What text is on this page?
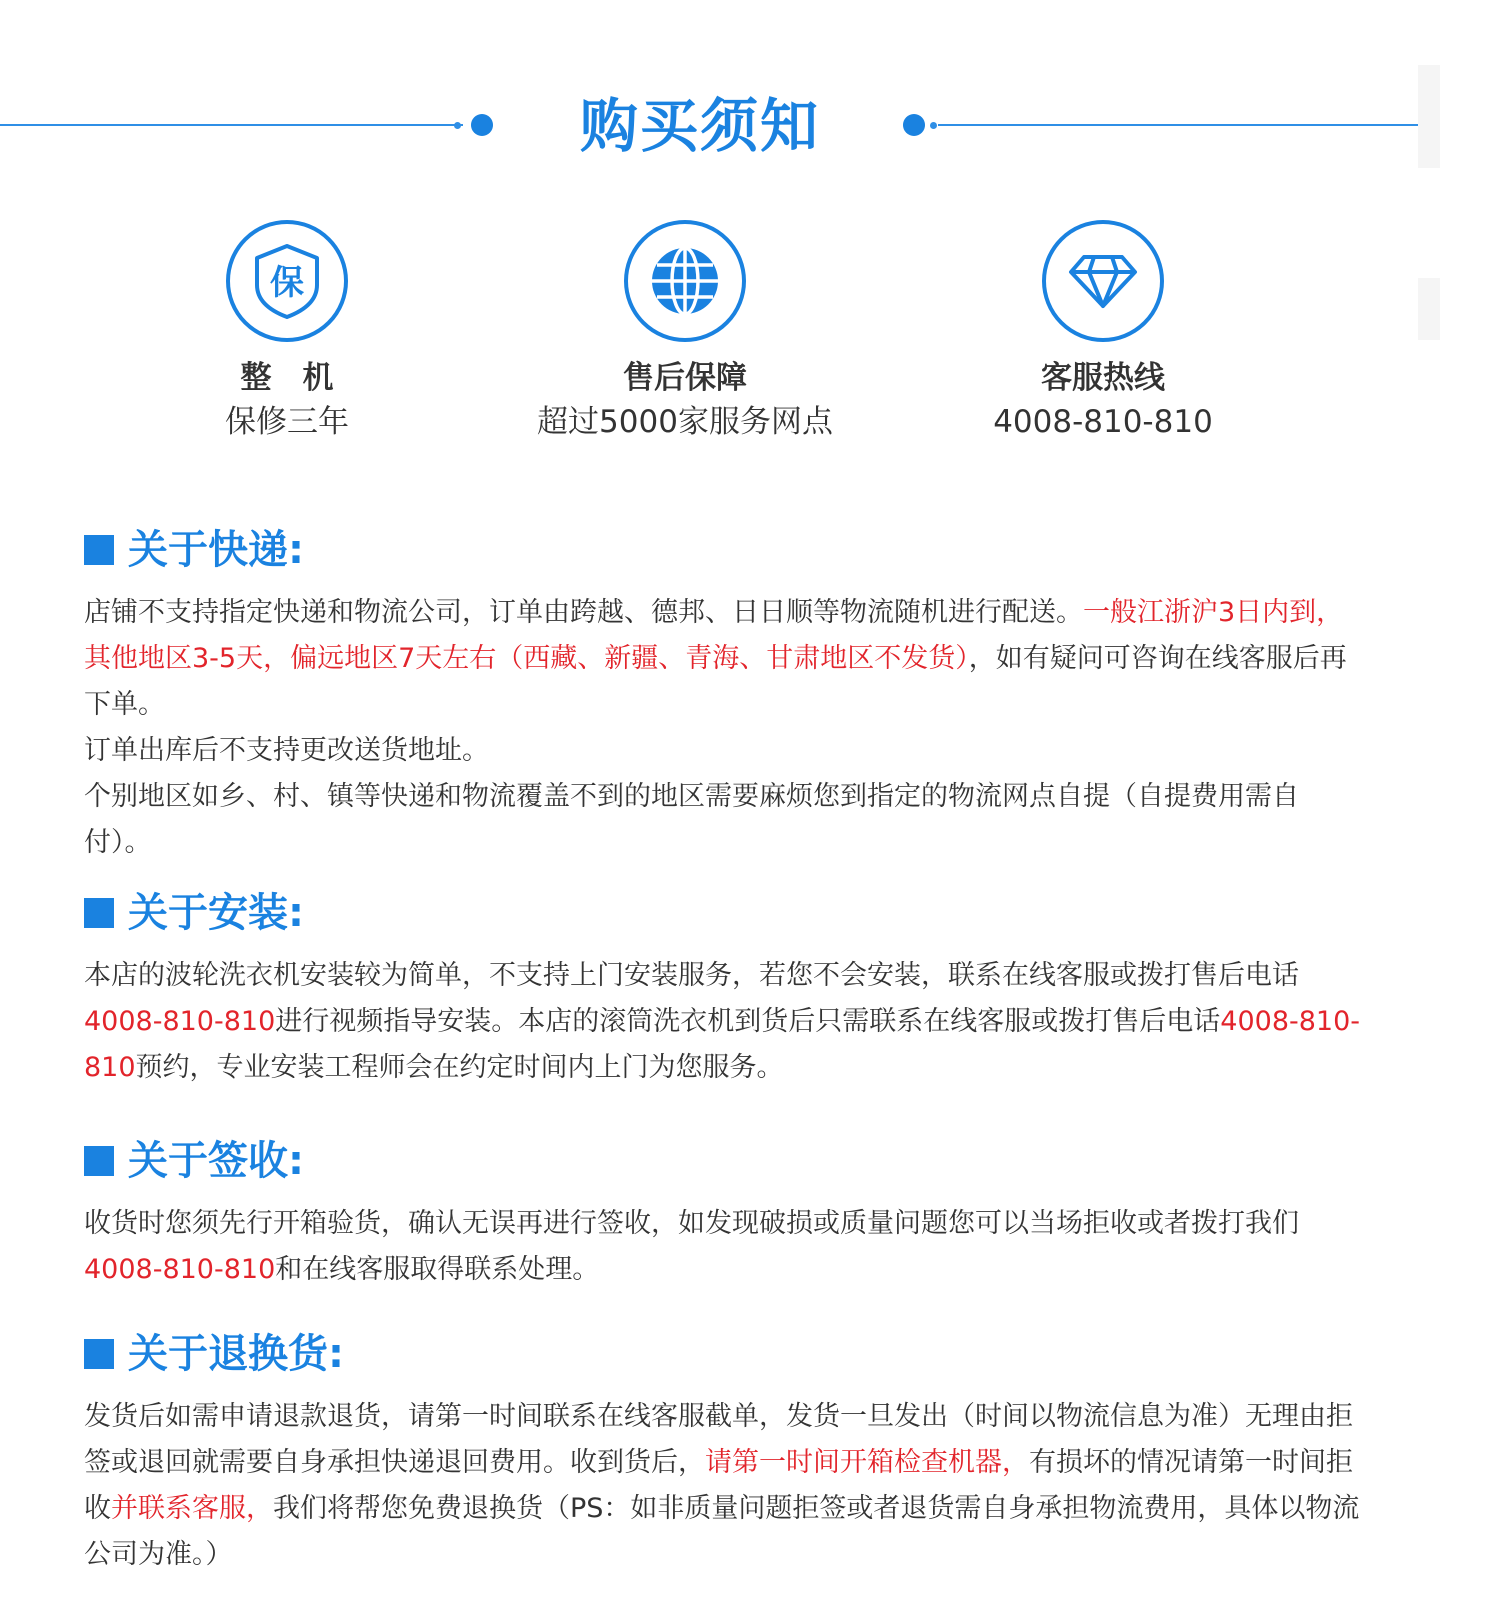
购买须知
保
整　机
保修三年
售后保障
超过5000家服务网点
客服热线
4008-810-810
关于快递:

店铺不支持指定快递和物流公司，订单由跨越、德邦、日日顺等物流随机进行配送。一般江浙沪3日内到，其他地区3-5天，偏远地区7天左右（西藏、新疆、青海、甘肃地区不发货），如有疑问可咨询在线客服后再下单。

订单出库后不支持更改送货地址。

个别地区如乡、村、镇等快递和物流覆盖不到的地区需要麻烦您到指定的物流网点自提（自提费用需自付）。

关于安装:

本店的波轮洗衣机安装较为简单，不支持上门安装服务，若您不会安装，联系在线客服或拨打售后电话4008-810-810进行视频指导安装。本店的滚筒洗衣机到货后只需联系在线客服或拨打售后电话4008-810-810预约，专业安装工程师会在约定时间内上门为您服务。

关于签收:

收货时您须先行开箱验货，确认无误再进行签收，如发现破损或质量问题您可以当场拒收或者拨打我们4008-810-810和在线客服取得联系处理。

关于退换货:

发货后如需申请退款退货，请第一时间联系在线客服截单，发货一旦发出（时间以物流信息为准）无理由拒签或退回就需要自身承担快递退回费用。收到货后，请第一时间开箱检查机器，有损坏的情况请第一时间拒收并联系客服，我们将帮您免费退换货（PS：如非质量问题拒签或者退货需自身承担物流费用，具体以物流公司为准。）
